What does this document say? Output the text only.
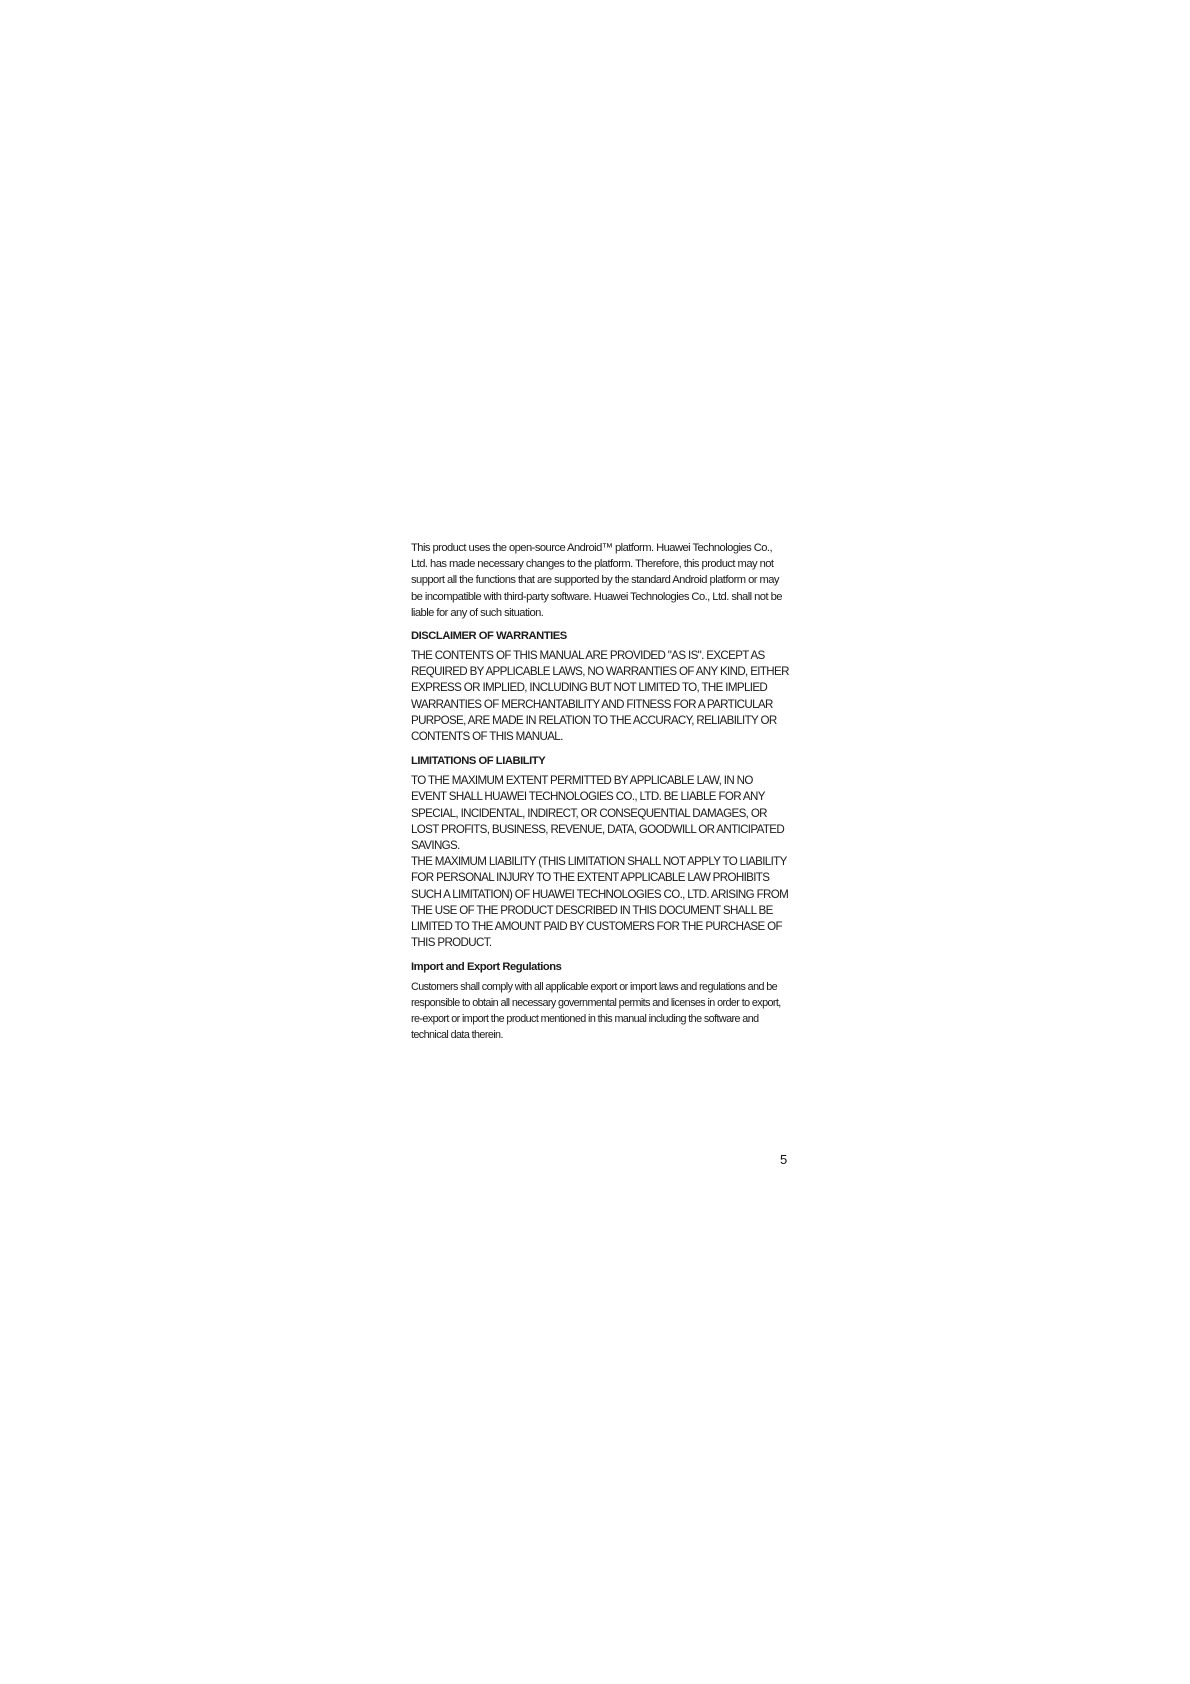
This product uses the open-source Android™ platform. Huawei Technologies Co., Ltd. has made necessary changes to the platform. Therefore, this product may not support all the functions that are supported by the standard Android platform or may be incompatible with third-party software. Huawei Technologies Co., Ltd. shall not be liable for any of such situation.

DISCLAIMER OF WARRANTIES

THE CONTENTS OF THIS MANUAL ARE PROVIDED "AS IS". EXCEPT AS REQUIRED BY APPLICABLE LAWS, NO WARRANTIES OF ANY KIND, EITHER EXPRESS OR IMPLIED, INCLUDING BUT NOT LIMITED TO, THE IMPLIED WARRANTIES OF MERCHANTABILITY AND FITNESS FOR A PARTICULAR PURPOSE, ARE MADE IN RELATION TO THE ACCURACY, RELIABILITY OR CONTENTS OF THIS MANUAL.

LIMITATIONS OF LIABILITY

TO THE MAXIMUM EXTENT PERMITTED BY APPLICABLE LAW, IN NO EVENT SHALL HUAWEI TECHNOLOGIES CO., LTD. BE LIABLE FOR ANY SPECIAL, INCIDENTAL, INDIRECT, OR CONSEQUENTIAL DAMAGES, OR LOST PROFITS, BUSINESS, REVENUE, DATA, GOODWILL OR ANTICIPATED SAVINGS.

THE MAXIMUM LIABILITY (THIS LIMITATION SHALL NOT APPLY TO LIABILITY FOR PERSONAL INJURY TO THE EXTENT APPLICABLE LAW PROHIBITS SUCH A LIMITATION) OF HUAWEI TECHNOLOGIES CO., LTD. ARISING FROM THE USE OF THE PRODUCT DESCRIBED IN THIS DOCUMENT SHALL BE LIMITED TO THE AMOUNT PAID BY CUSTOMERS FOR THE PURCHASE OF THIS PRODUCT.

Import and Export Regulations

Customers shall comply with all applicable export or import laws and regulations and be responsible to obtain all necessary governmental permits and licenses in order to export, re-export or import the product mentioned in this manual including the software and technical data therein.

5
